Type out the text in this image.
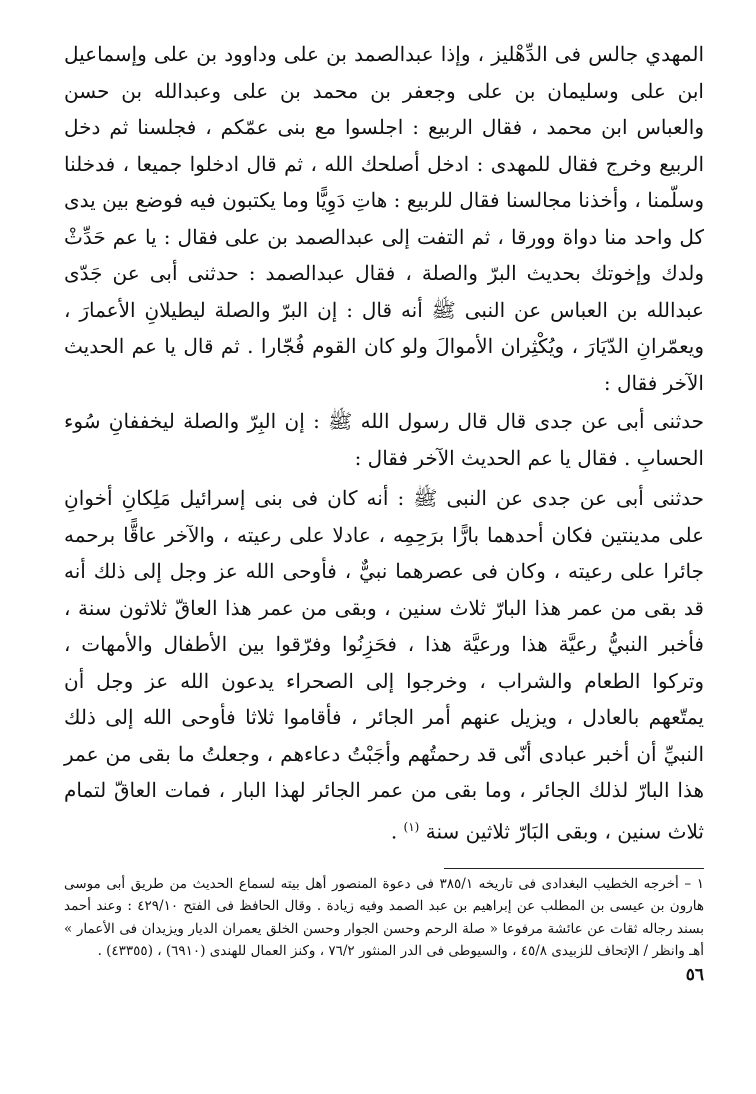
المهدي جالس فى الدِّهْليز ، وإذا عبدالصمد بن على وداوود بن على وإسماعيل ابن على وسليمان بن على وجعفر بن محمد بن على وعبدالله بن حسن والعباس ابن محمد ، فقال الربيع : اجلسوا مع بنى عمّكم ، فجلسنا ثم دخل الربيع وخرج فقال للمهدى : ادخل أصلحك الله ، ثم قال ادخلوا جميعا ، فدخلنا وسلّمنا ، وأخذنا مجالسنا فقال للربيع : هاتِ دَوِيًّا وما يكتبون فيه فوضع بين يدى كل واحد منا دواة وورقا ، ثم التفت إلى عبدالصمد بن على فقال : يا عم حَدِّثْ ولدك وإخوتك بحديث البرّ والصلة ، فقال عبدالصمد : حدثنى أبى عن جَدّى عبدالله بن العباس عن النبى ﷺ أنه قال : إن البرّ والصلة ليطيلانِ الأعمارَ ، ويعمّرانِ الدّيَارَ ، ويُكْثِران الأموالَ ولو كان القوم فُجّارا . ثم قال يا عم الحديث الآخر فقال :

حدثنى أبى عن جدى قال قال رسول الله ﷺ : إن البِرّ والصلة ليخففانِ سُوء الحسابِ . فقال يا عم الحديث الآخر فقال :

حدثنى أبى عن جدى عن النبى ﷺ : أنه كان فى بنى إسرائيل مَلِكانِ أخوانِ على مدينتين فكان أحدهما بارًّا برَحِمِه ، عادلا على رعيته ، والآخر عاقًّا برحمه جائرا على رعيته ، وكان فى عصرهما نبيٌّ ، فأوحى الله عز وجل إلى ذلك أنه قد بقى من عمر هذا البارّ ثلاث سنين ، وبقى من عمر هذا العاقّ ثلاثون سنة ، فأخبر النبيُّ رعيَّة هذا ورعيَّة هذا ، فحَزِنُوا وفرّقوا بين الأطفال والأمهات ، وتركوا الطعام والشراب ، وخرجوا إلى الصحراء يدعون الله عز وجل أن يمتّعهم بالعادل ، ويزيل عنهم أمر الجائر ، فأقاموا ثلاثا فأوحى الله إلى ذلك النبيِّ أن أخبر عبادى أنّى قد رحمتُهم وأجَبْتُ دعاءهم ، وجعلتُ ما بقى من عمر هذا البارّ لذلك الجائر ، وما بقى من عمر الجائر لهذا البار ، فمات العاقّ لتمام ثلاث سنين ، وبقى البَارّ ثلاثين سنة $^{(١)}$ .

١ – أخرجه الخطيب البغدادى فى تاريخه ٣٨٥/١ فى دعوة المنصور أهل بيته لسماع الحديث من طريق أبى موسى هارون بن عيسى بن المطلب عن إبراهيم بن عبد الصمد وفيه زيادة . وقال الحافظ فى الفتح ٤٢٩/١٠ : وعند أحمد بسند رجاله ثقات عن عائشة مرفوعا « صلة الرحم وحسن الجوار وحسن الخلق يعمران الديار ويزيدان فى الأعمار » أهـ وانظر / الإتحاف للزبيدى ٤٥/٨ ، والسيوطى فى الدر المنثور ٧٦/٢ ، وكنز العمال للهندى (٦٩١٠) ، (٤٣٣٥٥) .

٥٦
